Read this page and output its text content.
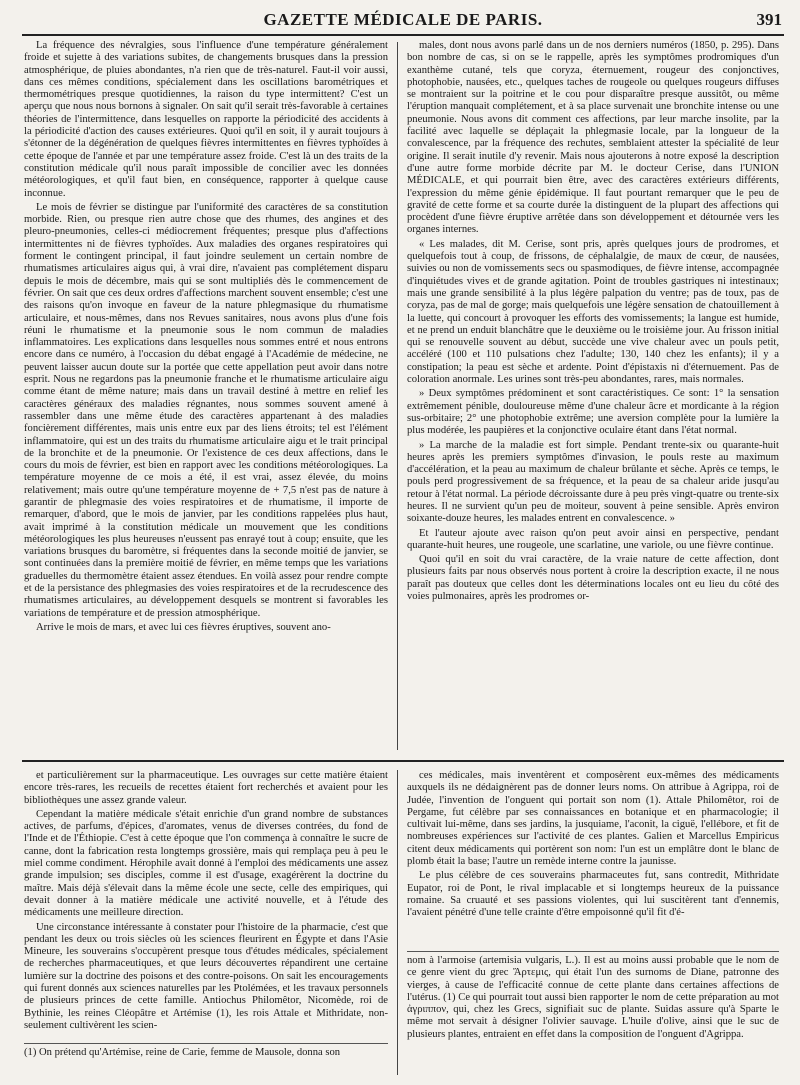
GAZETTE MÉDICALE DE PARIS.	391

La fréquence des névralgies, sous l'influence d'une température généralement froide et sujette à des variations subites, de changements brusques dans la pression atmosphérique, de pluies abondantes, n'a rien que de très-naturel. Faut-il voir aussi, dans ces mêmes conditions, spécialement dans les oscillations barométriques et thermométriques presque quotidiennes, la raison du type intermittent? C'est un aperçu que nous nous bornons à signaler. On sait qu'il serait très-favorable à certaines théories de l'intermittence, dans lesquelles on rapporte la périodicité des accidents à la périodicité d'action des causes extérieures. Quoi qu'il en soit, il y aurait toujours à s'étonner de la dégénération de quelques fièvres intermittentes en fièvres typhoïdes à cette époque de l'année et par une température assez froide. C'est là un des traits de la constitution médicale qu'il nous paraît impossible de concilier avec les données météorologiques, et qu'il faut bien, en conséquence, rapporter à quelque cause inconnue.

Le mois de février se distingue par l'uniformité des caractères de sa constitution morbide. Rien, ou presque rien autre chose que des rhumes, des angines et des pleuro-pneumonies, celles-ci médiocrement fréquentes; presque plus d'affections intermittentes ni de fièvres typhoïdes. Aux maladies des organes respiratoires qui forment le contingent principal, il faut joindre seulement un certain nombre de rhumatismes articulaires aigus qui, à vrai dire, n'avaient pas complétement disparu depuis le mois de décembre, mais qui se sont multipliés dès le commencement de février. On sait que ces deux ordres d'affections marchent souvent ensemble; c'est une des raisons qu'on invoque en faveur de la nature phlegmasique du rhumatisme articulaire, et nous-mêmes, dans nos Revues sanitaires, nous avons plus d'une fois réuni le rhumatisme et la pneumonie sous le nom commun de maladies inflammatoires. Les explications dans lesquelles nous sommes entré et nous entrons encore dans ce numéro, à l'occasion du débat engagé à l'Académie de médecine, ne peuvent laisser aucun doute sur la portée que cette appellation peut avoir dans notre esprit. Nous ne regardons pas la pneumonie franche et le rhumatisme articulaire aigu comme étant de même nature; mais dans un travail destiné à mettre en relief les caractères généraux des maladies régnantes, nous sommes souvent amené à rassembler dans une même étude des caractères appartenant à des maladies foncièrement différentes, mais unis entre eux par des liens étroits; tel est l'élément inflammatoire, qui est un des traits du rhumatisme articulaire aigu et le trait principal de la bronchite et de la pneumonie. Or l'existence de ces deux affections, dans le cours du mois de février, est bien en rapport avec les conditions météorologiques. La température moyenne de ce mois a été, il est vrai, assez élevée, du moins relativement; mais outre qu'une température moyenne de + 7,5 n'est pas de nature à garantir de phlegmasie des voies respiratoires et de rhumatisme, il importe de remarquer, d'abord, que le mois de janvier, par les conditions rappelées plus haut, avait imprimé à la constitution médicale un mouvement que les conditions météorologiques les plus heureuses n'eussent pas enrayé tout à coup; ensuite, que les variations brusques du baromètre, si fréquentes dans la seconde moitié de janvier, se sont continuées dans la première moitié de février, en même temps que les variations graduelles du thermomètre étaient assez étendues. En voilà assez pour rendre compte et de la persistance des phlegmasies des voies respiratoires et de la recrudescence des rhumatismes articulaires, au développement desquels se montrent si favorables les variations de température et de pression atmosphérique.

Arrive le mois de mars, et avec lui ces fièvres éruptives, souvent ano-

males, dont nous avons parlé dans un de nos derniers numéros (1850, p. 295). Dans bon nombre de cas, si on se le rappelle, après les symptômes prodromiques d'un exanthème cutané, tels que coryza, éternuement, rougeur des conjonctives, photophobie, nausées, etc., quelques taches de rougeole ou quelques rougeurs diffuses se montraient sur la poitrine et le cou pour disparaître presque aussitôt, ou même l'éruption manquait complétement, et à sa place survenait une bronchite intense ou une pneumonie. Nous avons dit comment ces affections, par leur marche insolite, par la facilité avec laquelle se déplaçait la phlegmasie locale, par la longueur de la convalescence, par la fréquence des rechutes, semblaient attester la spécialité de leur origine. Il serait inutile d'y revenir. Mais nous ajouterons à notre exposé la description d'une autre forme morbide décrite par M. le docteur Cerise, dans l'UNION MÉDICALE, et qui pourrait bien être, avec des caractères extérieurs différents, l'expression du même génie épidémique. Il faut pourtant remarquer que le peu de gravité de cette forme et sa courte durée la distinguent de la plupart des affections qui procèdent d'une fièvre éruptive arrêtée dans son développement et détournée vers les organes internes.

« Les malades, dit M. Cerise, sont pris, après quelques jours de prodromes, et quelquefois tout à coup, de frissons, de céphalalgie, de maux de cœur, de nausées, suivies ou non de vomissements secs ou spasmodiques, de fièvre intense, accompagnée d'inquiétudes vives et de grande agitation. Point de troubles gastriques ni intestinaux; mais une grande sensibilité à la plus légère palpation du ventre; pas de toux, pas de coryza, pas de mal de gorge; mais quelquefois une légère sensation de chatouillement à la luette, qui concourt à provoquer les efforts des vomissements; la langue est humide, et ne prend un enduit blanchâtre que le deuxième ou le troisième jour. Au frisson initial qui se renouvelle souvent au début, succède une vive chaleur avec un pouls petit, accéléré (100 et 110 pulsations chez l'adulte; 130, 140 chez les enfants); il y a constipation; la peau est sèche et ardente. Point d'épistaxis ni d'éternuement. Pas de coloration anormale. Les urines sont très-peu abondantes, rares, mais normales.

» Deux symptômes prédominent et sont caractéristiques. Ce sont: 1° la sensation extrêmement pénible, douloureuse même d'une chaleur âcre et mordicante à la région sus-orbitaire; 2° une photophobie extrême; une aversion complète pour la lumière la plus modérée, les paupières et la conjonctive oculaire étant dans l'état normal.

» La marche de la maladie est fort simple. Pendant trente-six ou quarante-huit heures après les premiers symptômes d'invasion, le pouls reste au maximum d'accélération, et la peau au maximum de chaleur brûlante et sèche. Après ce temps, le pouls perd progressivement de sa fréquence, et la peau de sa chaleur aride jusqu'au retour à l'état normal. La période décroissante dure à peu près vingt-quatre ou trente-six heures. Il ne survient qu'un peu de moiteur, souvent à peine sensible. Après environ soixante-douze heures, les malades entrent en convalescence. »

Et l'auteur ajoute avec raison qu'on peut avoir ainsi en perspective, pendant quarante-huit heures, une rougeole, une scarlatine, une variole, ou une fièvre continue.

Quoi qu'il en soit du vrai caractère, de la vraie nature de cette affection, dont plusieurs faits par nous observés nous portent à croire la description exacte, il ne nous paraît pas douteux que celles dont les déterminations locales ont eu lieu du côté des voies pulmonaires, après les prodromes or-

et particulièrement sur la pharmaceutique. Les ouvrages sur cette matière étaient encore très-rares, les recueils de recettes étaient fort recherchés et avaient pour les bibliothèques une assez grande valeur.

Cependant la matière médicale s'était enrichie d'un grand nombre de substances actives, de parfums, d'épices, d'aromates, venus de diverses contrées, du fond de l'Inde et de l'Éthiopie. C'est à cette époque que l'on commença à connaître le sucre de canne, dont la fabrication resta longtemps grossière, mais qui remplaça peu à peu le miel comme condiment. Hérophile avait donné à l'emploi des médicaments une assez grande impulsion; ses disciples, comme il est d'usage, exagérèrent la doctrine du maître. Mais déjà s'élevait dans la même école une secte, celle des empiriques, qui devait donner à la matière médicale une activité nouvelle, et à l'étude des médicaments une meilleure direction.

Une circonstance intéressante à constater pour l'histoire de la pharmacie, c'est que pendant les deux ou trois siècles où les sciences fleurirent en Égypte et dans l'Asie Mineure, les souverains s'occupèrent presque tous d'études médicales, spécialement de recherches pharmaceutiques, et que leurs découvertes répandirent une certaine lumière sur la doctrine des poisons et des contre-poisons. On sait les encouragements qui furent donnés aux sciences naturelles par les Ptolémées, et les travaux personnels de plusieurs princes de cette famille. Antiochus Philomêtor, Nicomède, roi de Bythinie, les reines Cléopâtre et Artémise (1), les rois Attale et Mithridate, non-seulement cultivèrent les scien-

ces médicales, mais inventèrent et composèrent eux-mêmes des médicaments auxquels ils ne dédaignèrent pas de donner leurs noms. On attribue à Agrippa, roi de Judée, l'invention de l'onguent qui portait son nom (1). Attale Philomêtor, roi de Pergame, fut célèbre par ses connaissances en botanique et en pharmacologie; il cultivait lui-même, dans ses jardins, la jusquiame, l'aconit, la ciguë, l'ellébore, et fit de nombreuses expériences sur l'activité de ces plantes. Galien et Marcellus Empiricus citent deux médicaments qui portèrent son nom: l'un est un emplâtre dont le blanc de plomb était la base; l'autre un remède interne contre la jaunisse.

Le plus célèbre de ces souverains pharmaceutes fut, sans contredit, Mithridate Eupator, roi de Pont, le rival implacable et si longtemps heureux de la puissance romaine. Sa cruauté et ses passions violentes, qui lui suscitèrent tant d'ennemis, l'avaient pénétré d'une telle crainte d'être empoisonné qu'il fit d'é-

(1) On prétend qu'Artémise, reine de Carie, femme de Mausole, donna son
nom à l'armoise (artemisia vulgaris, L.). Il est au moins aussi probable que le nom de ce genre vient du grec Ἄρτεμις, qui était l'un des surnoms de Diane, patronne des vierges, à cause de l'efficacité connue de cette plante dans certaines affections de l'utérus. (1) Ce qui pourrait tout aussi bien rapporter le nom de cette préparation au mot ἀγριππον, qui, chez les Grecs, signifiait suc de plante. Suidas assure qu'à Sparte le même mot servait à désigner l'olivier sauvage. L'huile d'olive, ainsi que le suc de plusieurs plantes, entraient en effet dans la composition de l'onguent d'Agrippa.
